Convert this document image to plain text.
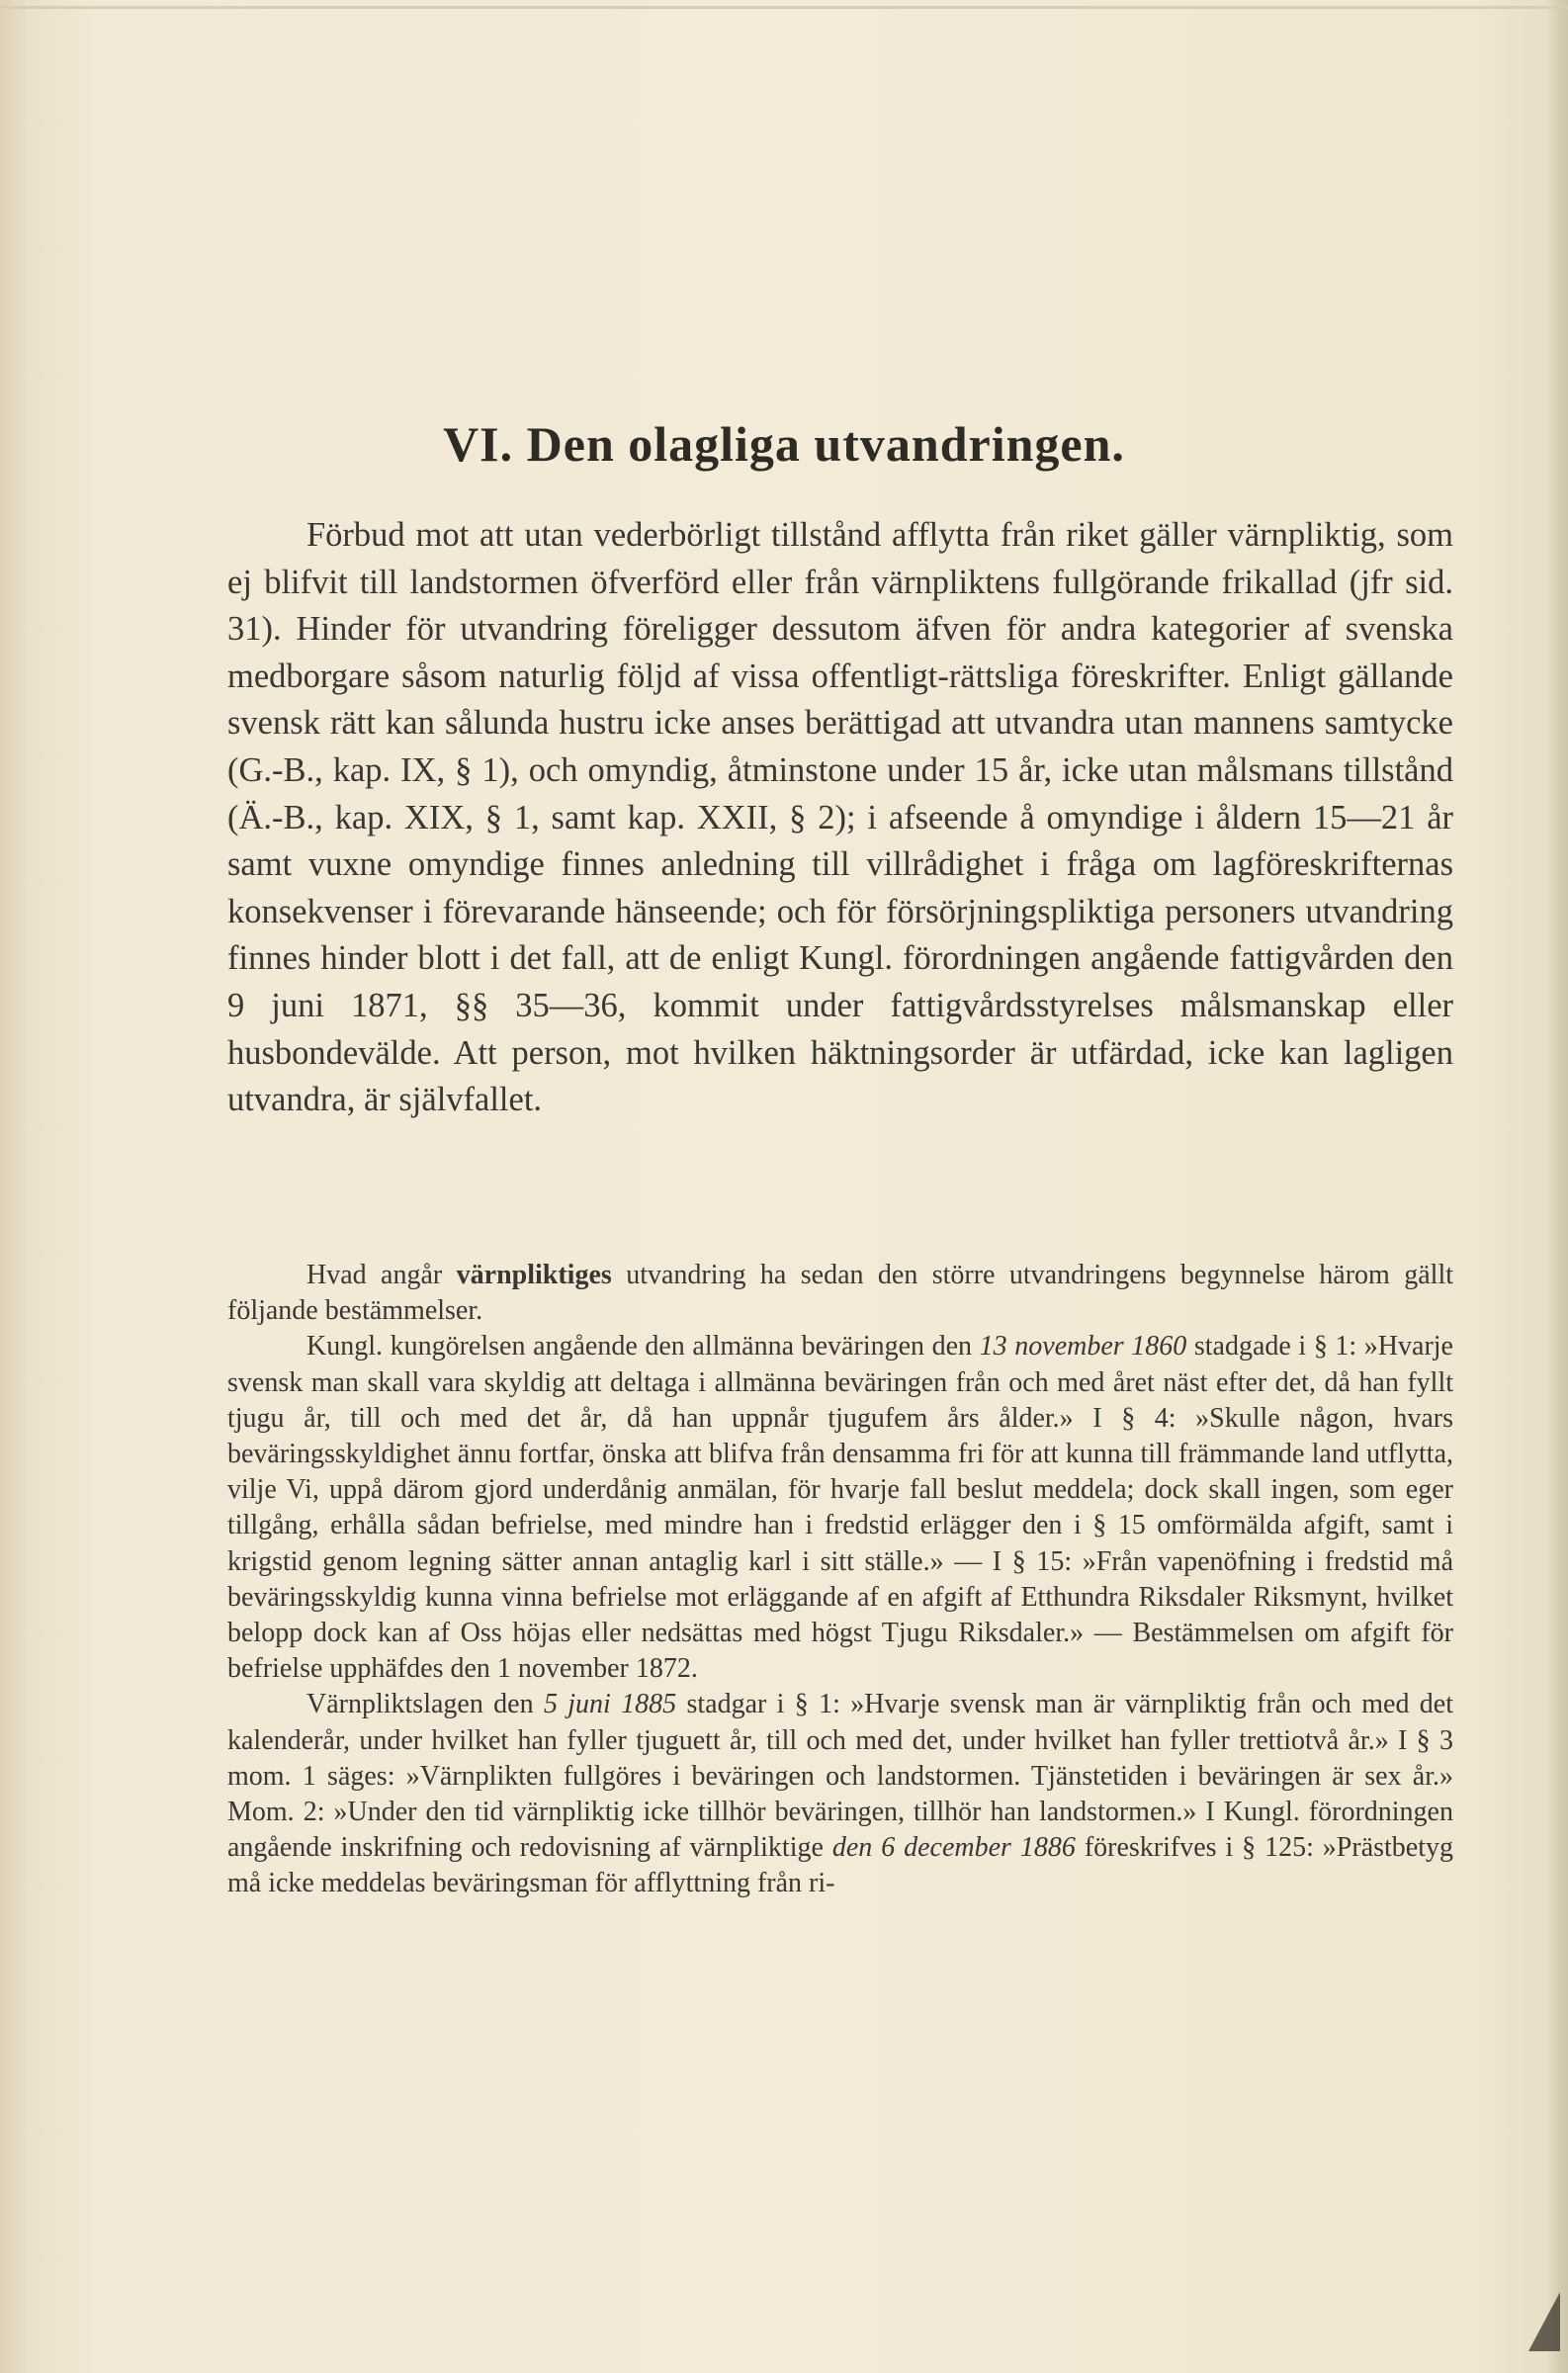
VI. Den olagliga utvandringen.

Förbud mot att utan vederbörligt tillstånd afflytta från riket gäller värnpliktig, som ej blifvit till landstormen öfverförd eller från värnpliktens fullgörande frikallad (jfr sid. 31). Hinder för utvandring föreligger dessutom äfven för andra kategorier af svenska medborgare såsom naturlig följd af vissa offentligt-rättsliga föreskrifter. Enligt gällande svensk rätt kan sålunda hustru icke anses berättigad att utvandra utan mannens samtycke (G.-B., kap. IX, § 1), och omyndig, åtminstone under 15 år, icke utan målsmans tillstånd (Ä.-B., kap. XIX, § 1, samt kap. XXII, § 2); i afseende å omyndige i åldern 15—21 år samt vuxne omyndige finnes anledning till villrådighet i fråga om lagföreskrifternas konsekvenser i förevarande hänseende; och för försörjningspliktiga personers utvandring finnes hinder blott i det fall, att de enligt Kungl. förordningen angående fattigvården den 9 juni 1871, §§ 35—36, kommit under fattigvårdsstyrelses målsmanskap eller husbondevälde. Att person, mot hvilken häktningsorder är utfärdad, icke kan lagligen utvandra, är självfallet.

Hvad angår värnpliktiges utvandring ha sedan den större utvandringens begynnelse härom gällt följande bestämmelser.

Kungl. kungörelsen angående den allmänna beväringen den 13 november 1860 stadgade i § 1: »Hvarje svensk man skall vara skyldig att deltaga i allmänna beväringen från och med året näst efter det, då han fyllt tjugu år, till och med det år, då han uppnår tjugufem års ålder.» I § 4: »Skulle någon, hvars beväringsskyldighet ännu fortfar, önska att blifva från densamma fri för att kunna till främmande land utflytta, vilje Vi, uppå därom gjord underdånig anmälan, för hvarje fall beslut meddela; dock skall ingen, som eger tillgång, erhålla sådan befrielse, med mindre han i fredstid erlägger den i § 15 omförmälda afgift, samt i krigstid genom legning sätter annan antaglig karl i sitt ställe.» — I § 15: »Från vapenöfning i fredstid må beväringsskyldig kunna vinna befrielse mot erläggande af en afgift af Etthundra Riksdaler Riksmynt, hvilket belopp dock kan af Oss höjas eller nedsättas med högst Tjugu Riksdaler.» — Bestämmelsen om afgift för befrielse upphäfdes den 1 november 1872.

Värnpliktslagen den 5 juni 1885 stadgar i § 1: »Hvarje svensk man är värnpliktig från och med det kalenderår, under hvilket han fyller tjuguett år, till och med det, under hvilket han fyller trettiotvå år.» I § 3 mom. 1 säges: »Värnplikten fullgöres i beväringen och landstormen. Tjänstetiden i beväringen är sex år.» Mom. 2: »Under den tid värnpliktig icke tillhör beväringen, tillhör han landstormen.» I Kungl. förordningen angående inskrifning och redovisning af värnpliktige den 6 december 1886 föreskrifves i § 125: »Prästbetyg må icke meddelas beväringsman för afflyttning från ri-
